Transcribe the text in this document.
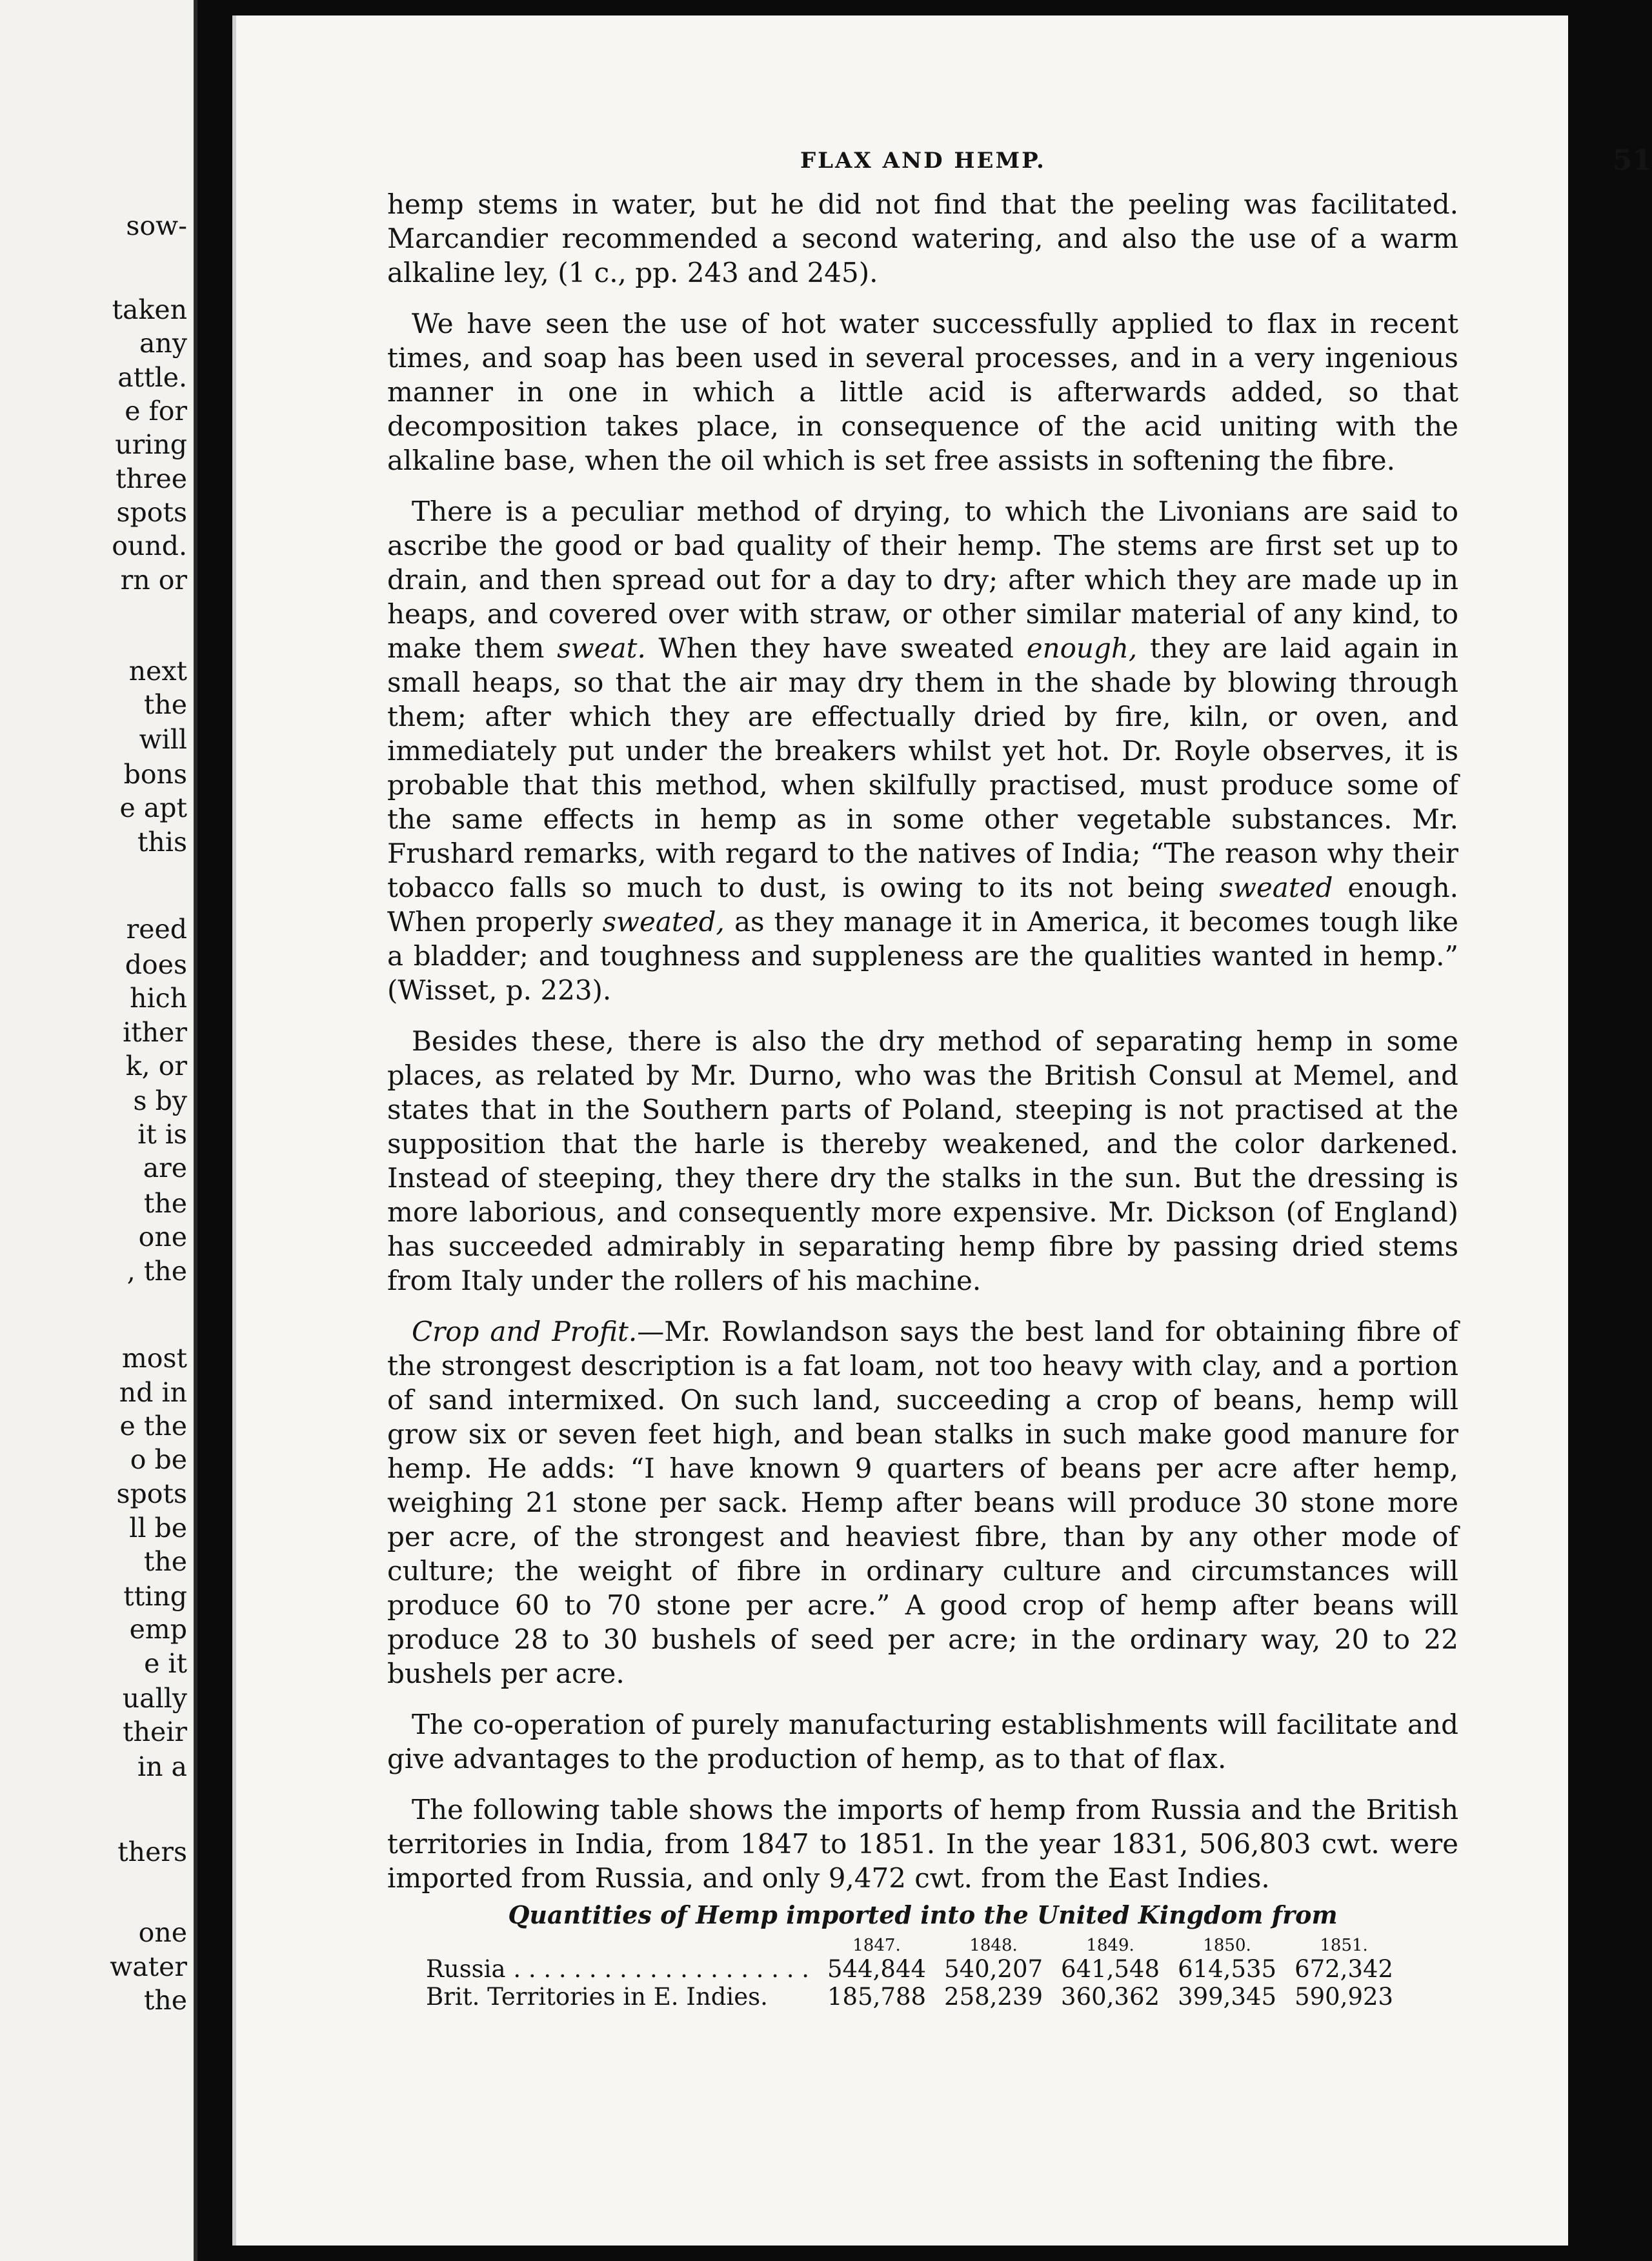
sow-
taken
any
attle.
e for
uring
three
spots
ound.
rn or
next
the
will
bons
e apt
this
reed
does
hich
ither
k, or
s by
it is
are
the
one
, the
most
nd in
e the
o be
spots
ll be
the
tting
emp
e it
ually
their
in a
thers
one
water
the
FLAX AND HEMP.	51

hemp stems in water, but he did not find that the peeling was facilitated. Marcandier recommended a second watering, and also the use of a warm alkaline ley, (1 c., pp. 243 and 245).

We have seen the use of hot water successfully applied to flax in recent times, and soap has been used in several processes, and in a very ingenious manner in one in which a little acid is afterwards added, so that decomposition takes place, in consequence of the acid uniting with the alkaline base, when the oil which is set free assists in softening the fibre.

There is a peculiar method of drying, to which the Livonians are said to ascribe the good or bad quality of their hemp. The stems are first set up to drain, and then spread out for a day to dry; after which they are made up in heaps, and covered over with straw, or other similar material of any kind, to make them sweat. When they have sweated enough, they are laid again in small heaps, so that the air may dry them in the shade by blowing through them; after which they are effectually dried by fire, kiln, or oven, and immediately put under the breakers whilst yet hot. Dr. Royle observes, it is probable that this method, when skilfully practised, must produce some of the same effects in hemp as in some other vegetable substances. Mr. Frushard remarks, with regard to the natives of India; “The reason why their tobacco falls so much to dust, is owing to its not being sweated enough. When properly sweated, as they manage it in America, it becomes tough like a bladder; and toughness and suppleness are the qualities wanted in hemp.” (Wisset, p. 223).

Besides these, there is also the dry method of separating hemp in some places, as related by Mr. Durno, who was the British Consul at Memel, and states that in the Southern parts of Poland, steeping is not practised at the supposition that the harle is thereby weakened, and the color darkened. Instead of steeping, they there dry the stalks in the sun. But the dressing is more laborious, and consequently more expensive. Mr. Dickson (of England) has succeeded admirably in separating hemp fibre by passing dried stems from Italy under the rollers of his machine.

Crop and Profit.—Mr. Rowlandson says the best land for obtaining fibre of the strongest description is a fat loam, not too heavy with clay, and a portion of sand intermixed. On such land, succeeding a crop of beans, hemp will grow six or seven feet high, and bean stalks in such make good manure for hemp. He adds: “I have known 9 quarters of beans per acre after hemp, weighing 21 stone per sack. Hemp after beans will produce 30 stone more per acre, of the strongest and heaviest fibre, than by any other mode of culture; the weight of fibre in ordinary culture and circumstances will produce 60 to 70 stone per acre.” A good crop of hemp after beans will produce 28 to 30 bushels of seed per acre; in the ordinary way, 20 to 22 bushels per acre.

The co-operation of purely manufacturing establishments will facilitate and give advantages to the production of hemp, as to that of flax.

The following table shows the imports of hemp from Russia and the British territories in India, from 1847 to 1851. In the year 1831, 506,803 cwt. were imported from Russia, and only 9,472 cwt. from the East Indies.

Quantities of Hemp imported into the United Kingdom from
	1847.	1848.	1849.	1850.	1851.
Russia . . . . . . . . . . . . . . . . . . . .	544,844	540,207	641,548	614,535	672,342
Brit. Territories in E. Indies.	185,788	258,239	360,362	399,345	590,923
